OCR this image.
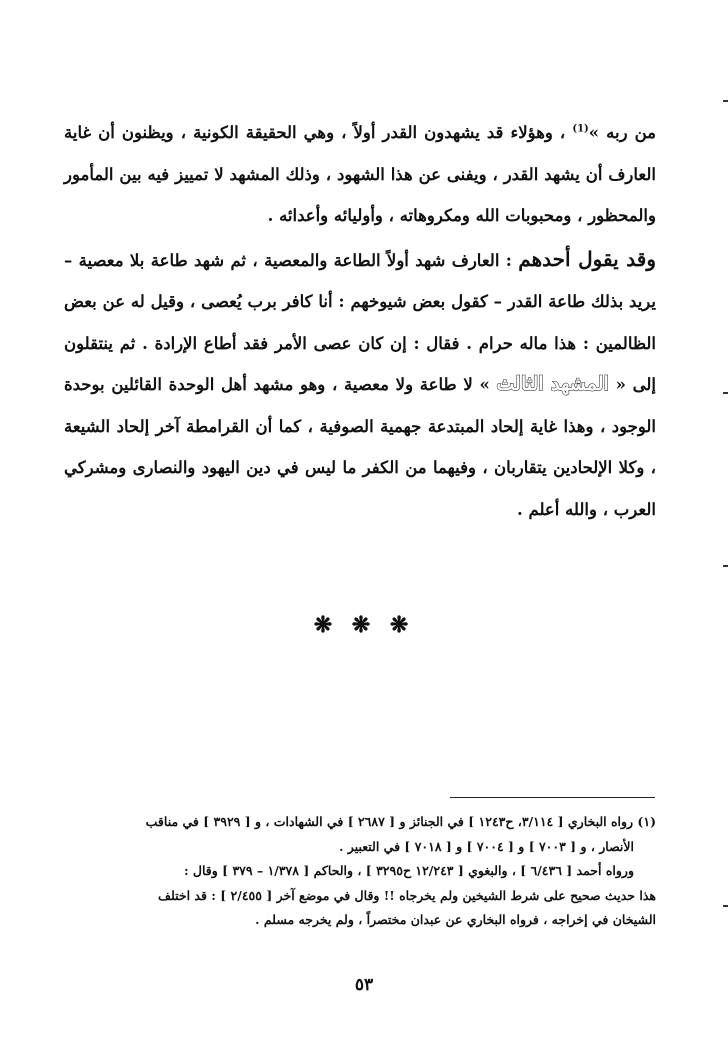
من ربه »$^{(1)}$ ، وهؤلاء قد يشهدون القدر أولاً ، وهي الحقيقة الكونية ، ويظنون أن غاية العارف أن يشهد القدر ، ويفنى عن هذا الشهود ، وذلك المشهد لا تمييز فيه بين المأمور والمحظور ، ومحبوبات الله ومكروهاته ، وأوليائه وأعدائه .

وقد يقول أحدهم : العارف شهد أولاً الطاعة والمعصية ، ثم شهد طاعة بلا معصية – يريد بذلك طاعة القدر – كقول بعض شيوخهم : أنا كافر برب يُعصى ، وقيل له عن بعض الظالمين : هذا ماله حرام . فقال : إن كان عصى الأمر فقد أطاع الإرادة . ثم ينتقلون إلى « المشهد الثالث » لا طاعة ولا معصية ، وهو مشهد أهل الوحدة القائلين بوحدة الوجود ، وهذا غاية إلحاد المبتدعة جهمية الصوفية ، كما أن القرامطة آخر إلحاد الشيعة ، وكلا الإلحادين يتقاربان ، وفيهما من الكفر ما ليس في دين اليهود والنصارى ومشركي العرب ، والله أعلم .

❋ ❋ ❋

(١) رواه البخاري [ ٣/١١٤، ح١٢٤٣ ] في الجنائز و [ ٢٦٨٧ ] في الشهادات ، و [ ٣٩٢٩ ] في مناقب

الأنصار ، و [ ٧٠٠٣ ] و [ ٧٠٠٤ ] و [ ٧٠١٨ ] في التعبير .

ورواه أحمد [ ٦/٤٣٦ ] ، والبغوي [ ١٢/٢٤٣ ح٣٢٩٥ ] ، والحاكم [ ١/٣٧٨ – ٣٧٩ ] وقال :

هذا حديث صحيح على شرط الشيخين ولم يخرجاه !! وقال في موضع آخر [ ٢/٤٥٥ ] : قد اختلف

الشيخان في إخراجه ، فرواه البخاري عن عبدان مختصراً ، ولم يخرجه مسلم .

٥٣
